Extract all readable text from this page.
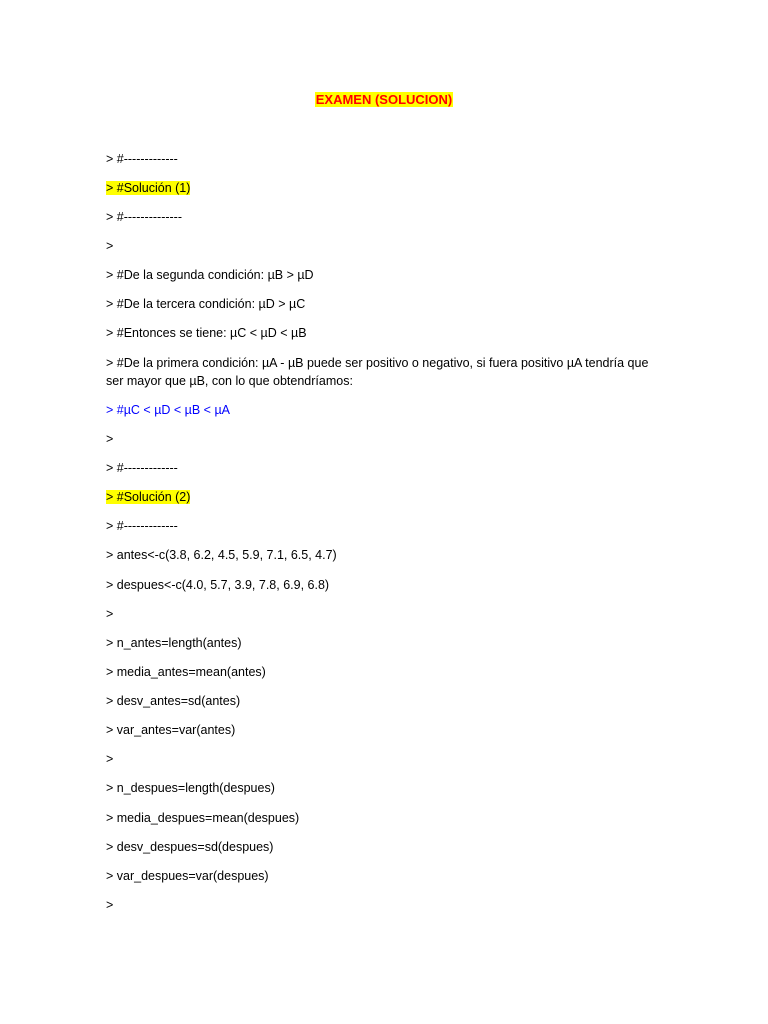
EXAMEN (SOLUCION)
> #-------------
> #Solución (1)
> #--------------
>
> #De la segunda condición: µB > µD
> #De la tercera condición: µD > µC
> #Entonces se tiene: µC < µD < µB
> #De la primera condición: µA - µB puede ser positivo o negativo, si fuera positivo µA tendría que ser mayor que µB, con lo que obtendríamos:
> #µC < µD < µB < µA
>
> #-------------
> #Solución (2)
> #-------------
> antes<-c(3.8, 6.2, 4.5, 5.9, 7.1, 6.5, 4.7)
> despues<-c(4.0, 5.7, 3.9, 7.8, 6.9, 6.8)
>
> n_antes=length(antes)
> media_antes=mean(antes)
> desv_antes=sd(antes)
> var_antes=var(antes)
>
> n_despues=length(despues)
> media_despues=mean(despues)
> desv_despues=sd(despues)
> var_despues=var(despues)
>
